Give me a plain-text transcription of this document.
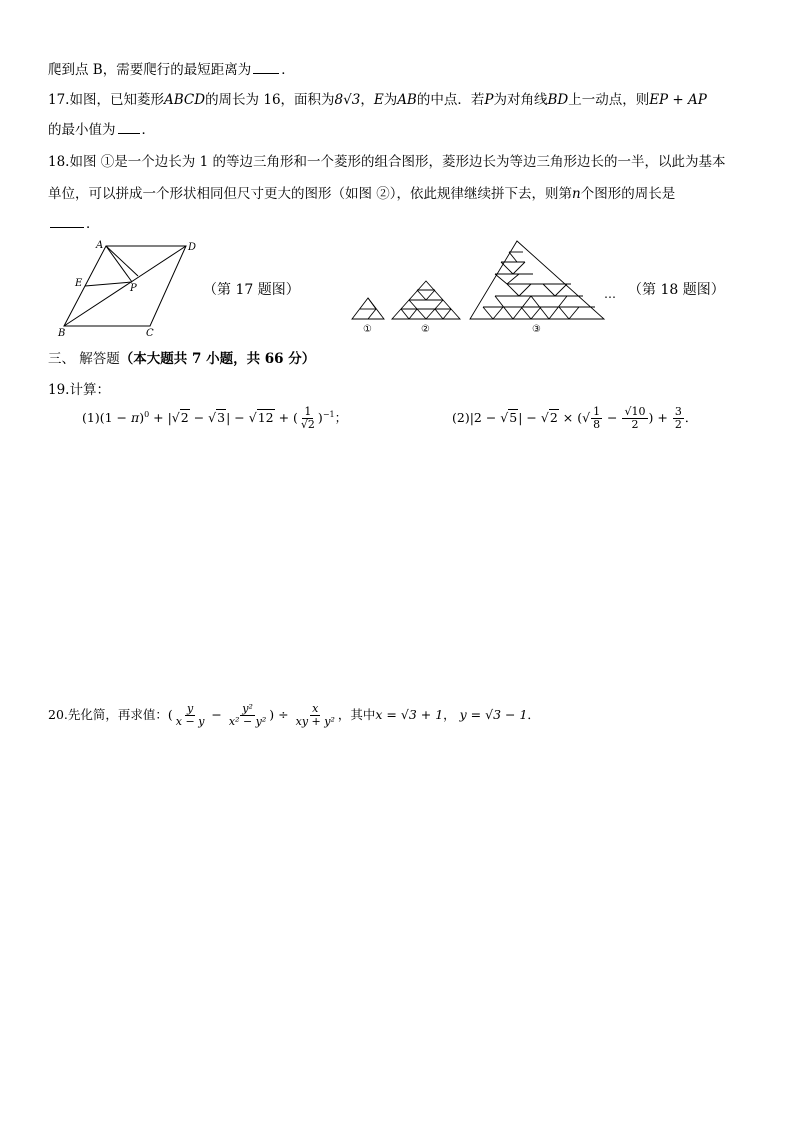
爬到点 B，需要爬行的最短距离为 ．
17.如图，已知菱形ABCD的周长为 16，面积为8√3，E为AB的中点．若P为对角线BD上一动点，则EP + AP
的最小值为 ．
18.如图 ①是一个边长为 1 的等边三角形和一个菱形的组合图形，菱形边长为等边三角形边长的一半，以此为基本
单位，可以拼成一个形状相同但尺寸更大的图形（如图 ②），依此规律继续拼下去，则第n个图形的周长是
．
A	D
E	P
B	C
（第 17 题图）
①	②	③
… （第 18 题图）
三、 解答题（本大题共 7 小题，共 66 分）
19.计算：
$(1)(1 - \pi)^0 + |√2 - √3| - √12$ + ( $\frac{1}{√2} )^{-1}$；	(2)|2 − √5| − √2 × (√ $\frac{1}{8} - \frac{√10}{2}$ ) + $\frac{3}{2}$ ．
20.先化简，再求值：( $\frac{y}{x - y} - \frac{\text{y²}}{\text{x² − y²}}$ ) ÷ $\frac{x}{\text{xy + y²}}$ ，其中x = √3 + 1， y = √3 − 1．
